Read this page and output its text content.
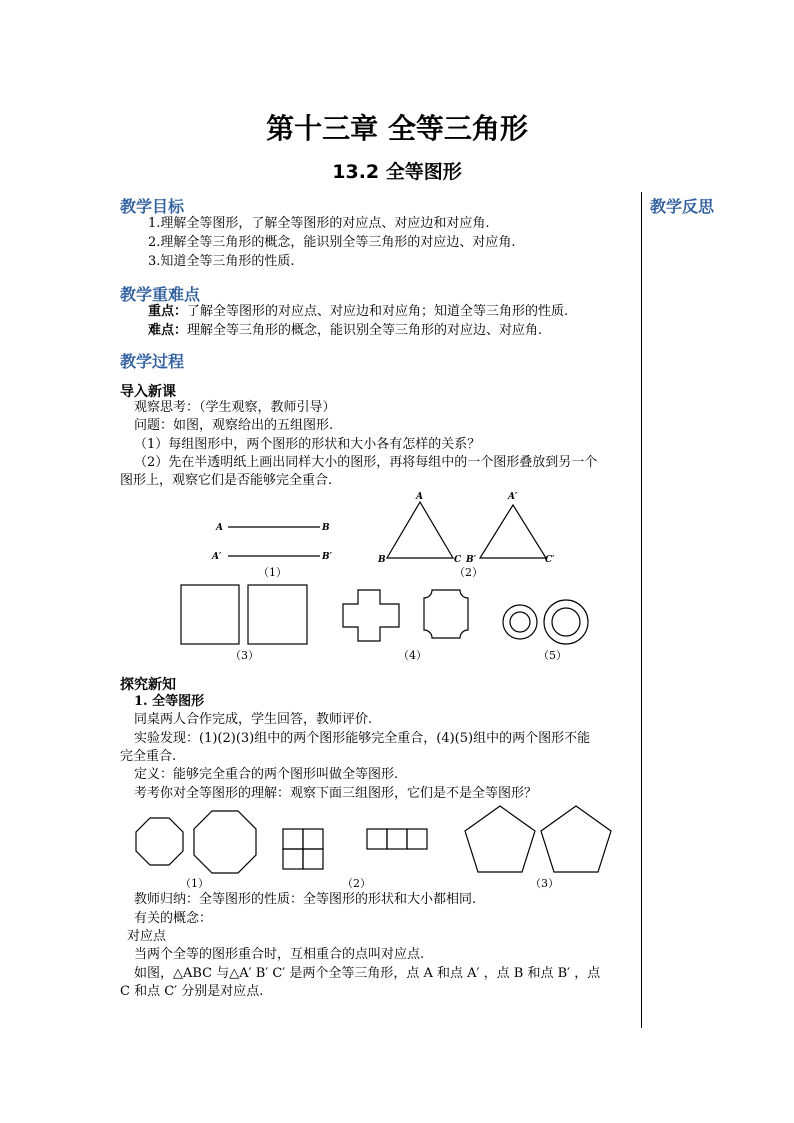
第十三章 全等三角形
13.2 全等图形
教学反思
教学目标
1.理解全等图形，了解全等图形的对应点、对应边和对应角.
2.理解全等三角形的概念，能识别全等三角形的对应边、对应角.
3.知道全等三角形的性质.
教学重难点
重点：了解全等图形的对应点、对应边和对应角；知道全等三角形的性质.
难点：理解全等三角形的概念，能识别全等三角形的对应边、对应角.
教学过程
导入新课
观察思考：（学生观察，教师引导）
问题：如图，观察给出的五组图形.
（1）每组图形中，两个图形的形状和大小各有怎样的关系？
（2）先在半透明纸上画出同样大小的图形，再将每组中的一个图形叠放到另一个
图形上，观察它们是否能够完全重合.
A	B
A′	B′
A
B	C
A′
B′	C′
（1）	（2）
（3）	（4）	（5）
探究新知
1. 全等图形
同桌两人合作完成，学生回答，教师评价.
实验发现：(1)(2)(3)组中的两个图形能够完全重合，(4)(5)组中的两个图形不能
完全重合.
定义：能够完全重合的两个图形叫做全等图形.
考考你对全等图形的理解：观察下面三组图形，它们是不是全等图形？
（1）	（2）	（3）
教师归纳：全等图形的性质：全等图形的形状和大小都相同.
有关的概念：
对应点
当两个全等的图形重合时，互相重合的点叫对应点.
如图，△ABC 与△A′ B′ C′ 是两个全等三角形，点 A 和点 A′ ，点 B 和点 B′ ，点
C 和点 C′ 分别是对应点.
